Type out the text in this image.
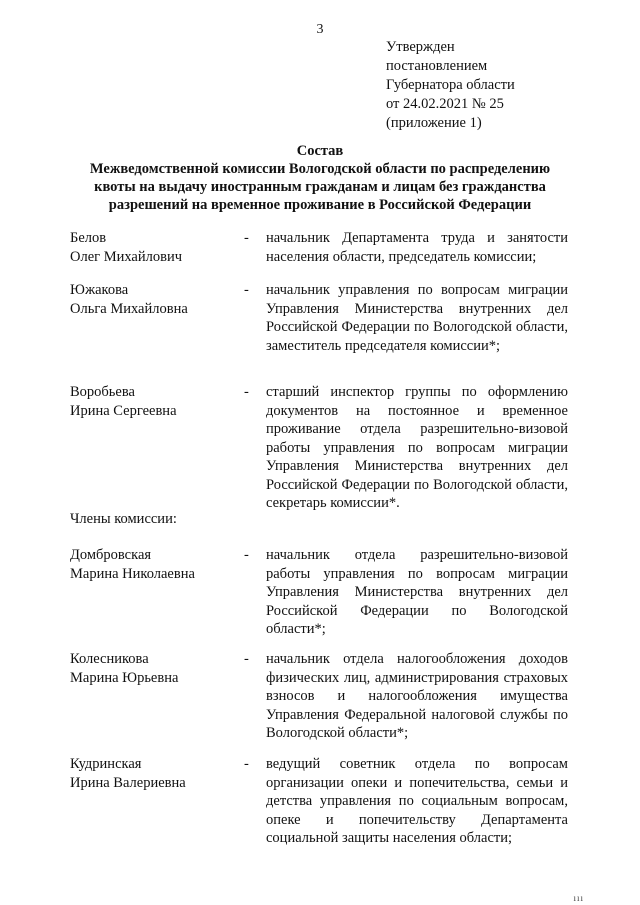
3
Утвержден
постановлением
Губернатора области
от 24.02.2021 № 25
(приложение 1)
Состав
Межведомственной комиссии Вологодской области по распределению
квоты на выдачу иностранным гражданам и лицам без гражданства
разрешений на временное проживание в Российской Федерации
Белов
Олег Михайлович
- начальник Департамента труда и занятости населения области, председатель комиссии;
Южакова
Ольга Михайловна
- начальник управления по вопросам миграции Управления Министерства внутренних дел Российской Федерации по Вологодской области, заместитель председателя комиссии*;
Воробьева
Ирина Сергеевна
- старший инспектор группы по оформлению документов на постоянное и временное проживание отдела разрешительно-визовой работы управления по вопросам миграции Управления Министерства внутренних дел Российской Федерации по Вологодской области, секретарь комиссии*.
Члены комиссии:
Домбровская
Марина Николаевна
- начальник отдела разрешительно-визовой работы управления по вопросам миграции Управления Министерства внутренних дел Российской Федерации по Вологодской области*;
Колесникова
Марина Юрьевна
- начальник отдела налогообложения доходов физических лиц, администрирования страховых взносов и налогообложения имущества Управления Федеральной налоговой службы по Вологодской области*;
Кудринская
Ирина Валериевна
- ведущий советник отдела по вопросам организации опеки и попечительства, семьи и детства управления по социальным вопросам, опеке и попечительству Департамента социальной защиты населения области;
ııı
